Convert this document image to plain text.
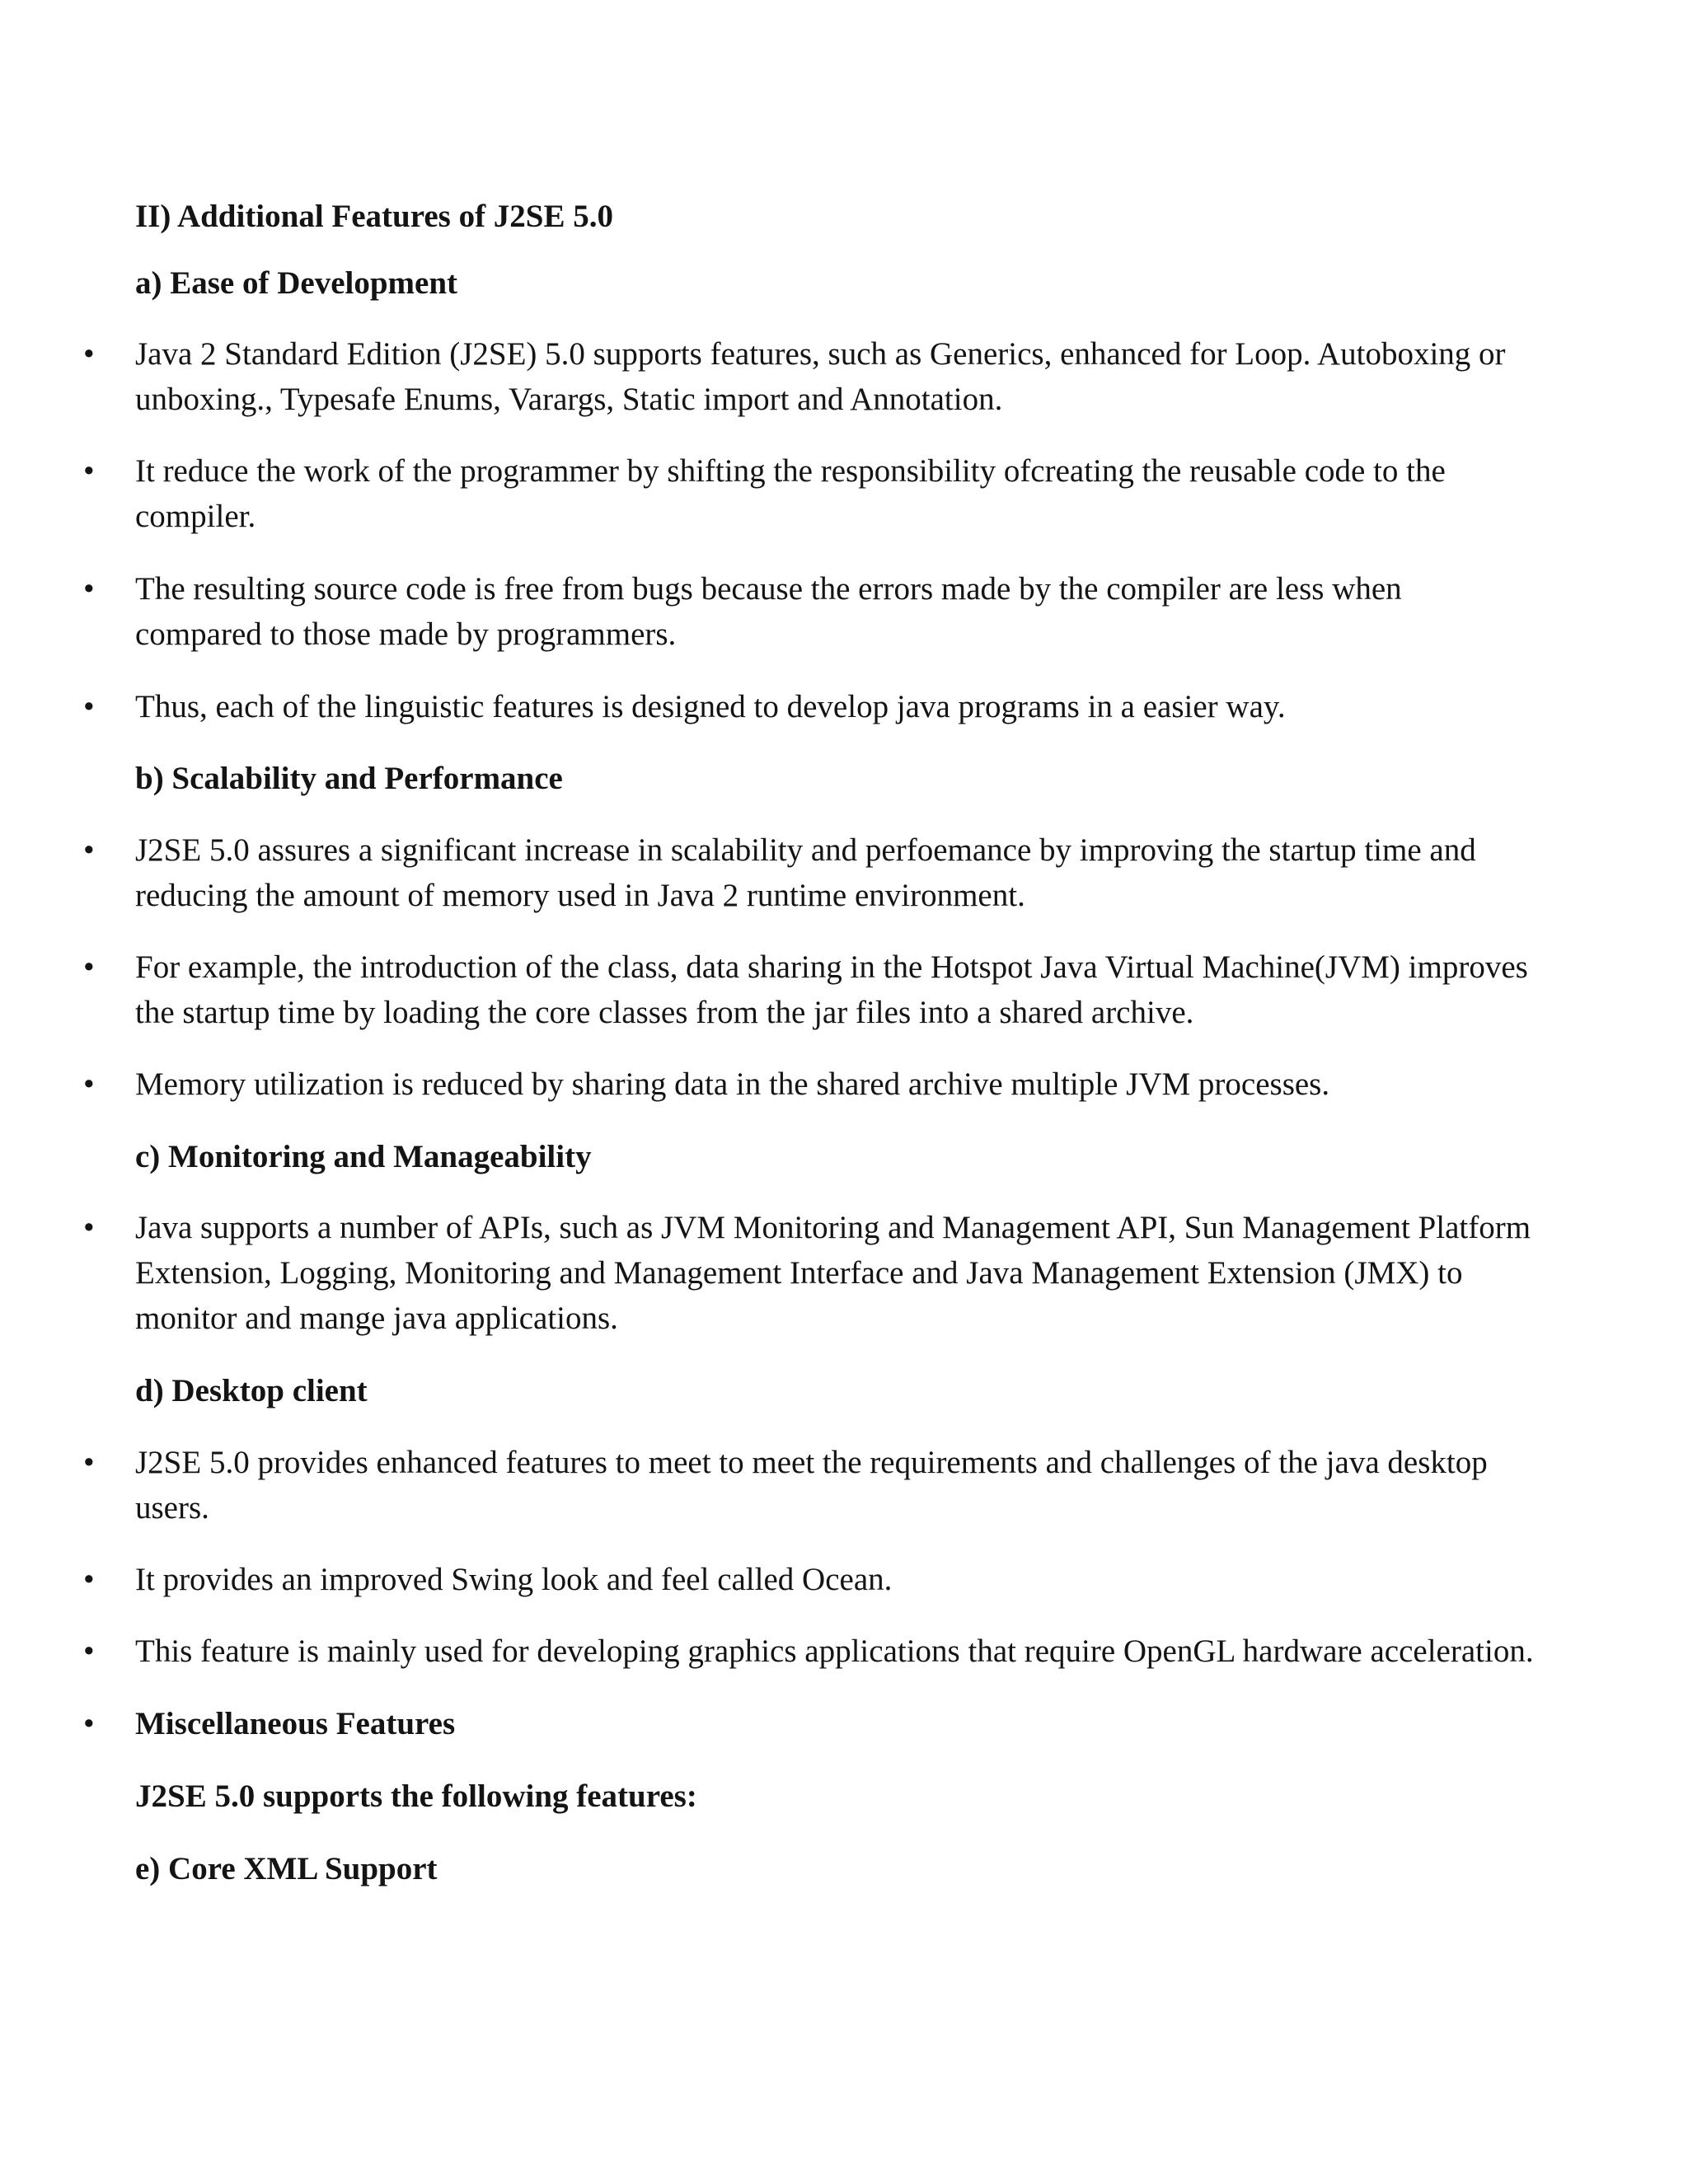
II) Additional Features of J2SE 5.0

a) Ease of Development

• Java 2 Standard Edition (J2SE) 5.0 supports features, such as Generics, enhanced for Loop. Autoboxing or

unboxing., Typesafe Enums, Varargs, Static import and Annotation.

• It reduce the work of the programmer by shifting the responsibility ofcreating the reusable code to the

compiler.

• The resulting source code is free from bugs because the errors made by the compiler are less when

compared to those made by programmers.

• Thus, each of the linguistic features is designed to develop java programs in a easier way.

b) Scalability and Performance

• J2SE 5.0 assures a significant increase in scalability and perfoemance by improving the startup time and

reducing the amount of memory used in Java 2 runtime environment.

• For example, the introduction of the class, data sharing in the Hotspot Java Virtual Machine(JVM) improves

the startup time by loading the core classes from the jar files into a shared archive.

• Memory utilization is reduced by sharing data in the shared archive multiple JVM processes.

c) Monitoring and Manageability

• Java supports a number of APIs, such as JVM Monitoring and Management API, Sun Management Platform

Extension, Logging, Monitoring and Management Interface and Java Management Extension (JMX) to

monitor and mange java applications.

d) Desktop client

• J2SE 5.0 provides enhanced features to meet to meet the requirements and challenges of the java desktop

users.

• It provides an improved Swing look and feel called Ocean.

• This feature is mainly used for developing graphics applications that require OpenGL hardware acceleration.

• Miscellaneous Features

J2SE 5.0 supports the following features:

e) Core XML Support
